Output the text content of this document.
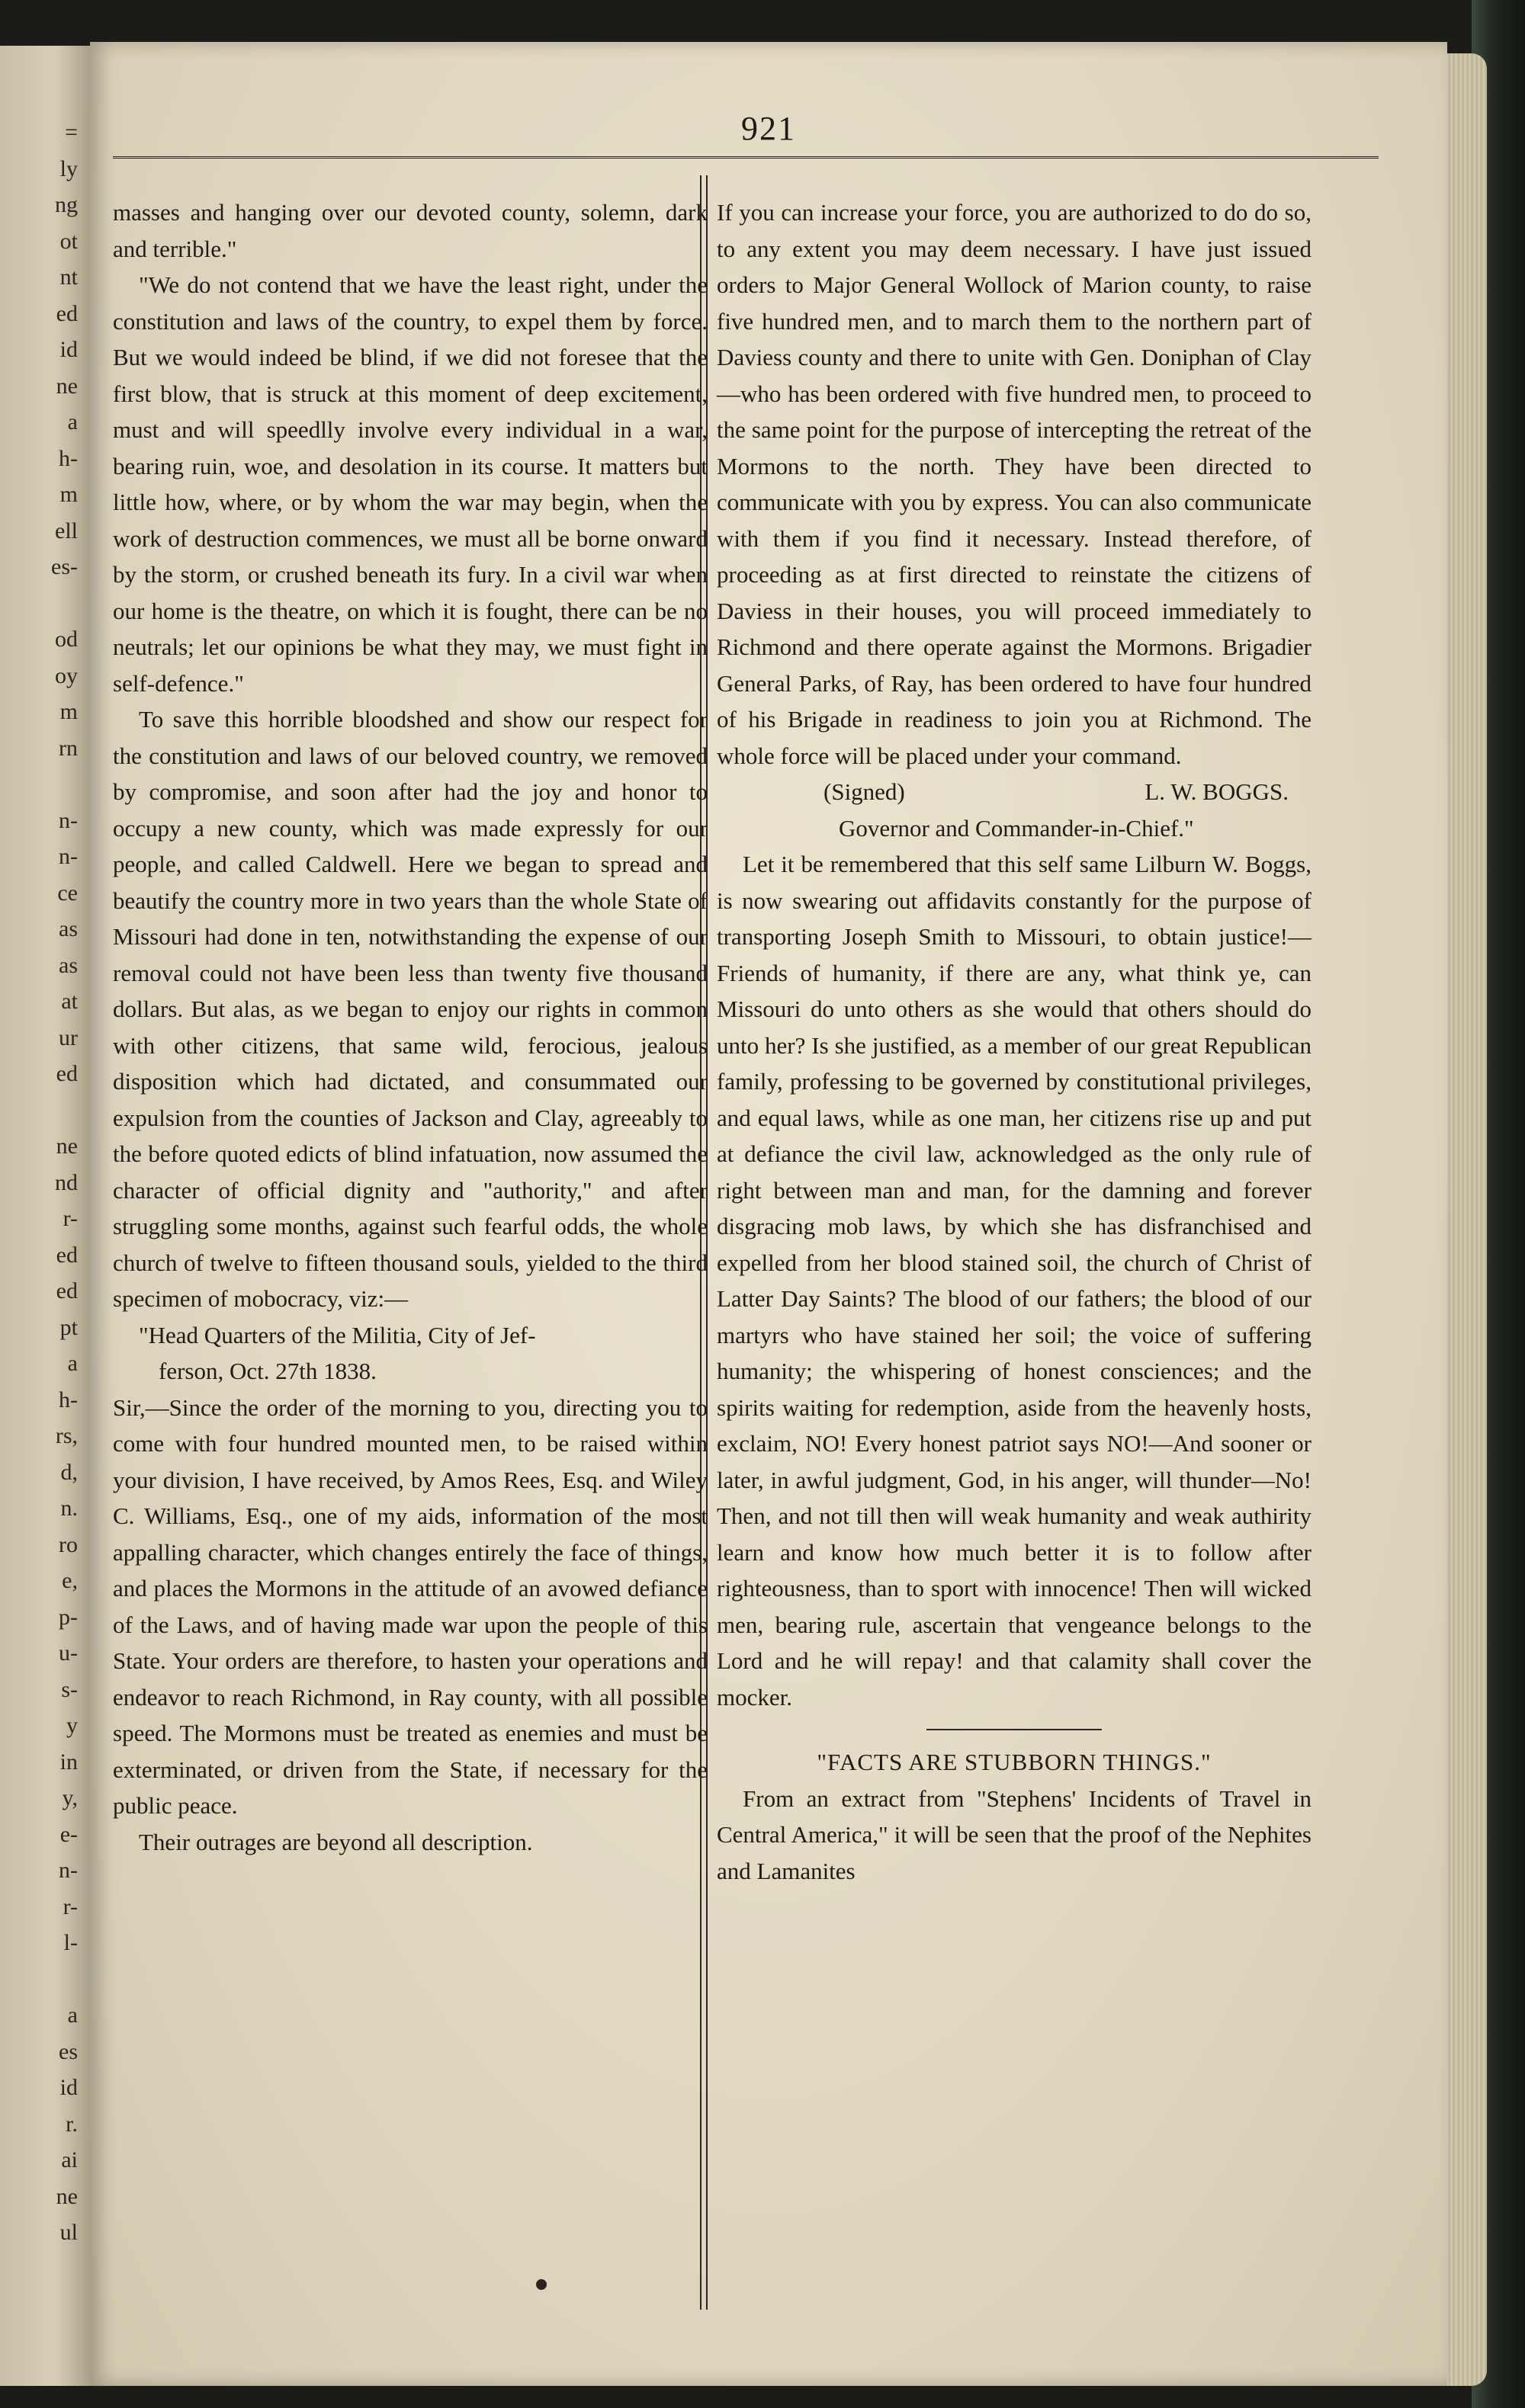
=
ly
ng
ot
nt
ed
id
ne
a
h-
m
ell
es-
od
oy
m
rn
n-
n-
ce
as
as
at
ur
ed
ne
nd
r-
ed
ed
pt
a
h-
rs,
d,
n.
ro
e,
p-
u-
s-
y
in
y,
e-
n-
r-
l-
a
es
id
r.
ai
ne
ul
921

masses and hanging over our devoted county, solemn, dark and terrible."

"We do not contend that we have the least right, under the constitution and laws of the country, to expel them by force. But we would indeed be blind, if we did not foresee that the first blow, that is struck at this moment of deep excitement, must and will speedlly involve every individual in a war, bearing ruin, woe, and desolation in its course. It matters but little how, where, or by whom the war may begin, when the work of destruction commences, we must all be borne onward by the storm, or crushed beneath its fury. In a civil war when our home is the theatre, on which it is fought, there can be no neutrals; let our opinions be what they may, we must fight in self-defence."

To save this horrible bloodshed and show our respect for the constitution and laws of our beloved country, we removed by compromise, and soon after had the joy and honor to occupy a new county, which was made expressly for our people, and called Caldwell. Here we began to spread and beautify the country more in two years than the whole State of Missouri had done in ten, notwithstanding the expense of our removal could not have been less than twenty five thousand dollars. But alas, as we began to enjoy our rights in common with other citizens, that same wild, ferocious, jealous disposition which had dictated, and consummated our expulsion from the counties of Jackson and Clay, agreeably to the before quoted edicts of blind infatuation, now assumed the character of official dignity and "authority," and after struggling some months, against such fearful odds, the whole church of twelve to fifteen thousand souls, yielded to the third specimen of mobocracy, viz:—

"Head Quarters of the Militia, City of Jef-

ferson, Oct. 27th 1838.

Sir,—Since the order of the morning to you, directing you to come with four hundred mounted men, to be raised within your division, I have received, by Amos Rees, Esq. and Wiley C. Williams, Esq., one of my aids, information of the most appalling character, which changes entirely the face of things, and places the Mormons in the attitude of an avowed defiance of the Laws, and of having made war upon the people of this State. Your orders are therefore, to hasten your operations and endeavor to reach Richmond, in Ray county, with all possible speed. The Mormons must be treated as enemies and must be exterminated, or driven from the State, if necessary for the public peace.

Their outrages are beyond all description.

If you can increase your force, you are authorized to do do so, to any extent you may deem necessary. I have just issued orders to Major General Wollock of Marion county, to raise five hundred men, and to march them to the northern part of Daviess county and there to unite with Gen. Doniphan of Clay—who has been ordered with five hundred men, to proceed to the same point for the purpose of intercepting the retreat of the Mormons to the north. They have been directed to communicate with you by express. You can also communicate with them if you find it necessary. Instead therefore, of proceeding as at first directed to reinstate the citizens of Daviess in their houses, you will proceed immediately to Richmond and there operate against the Mormons. Brigadier General Parks, of Ray, has been ordered to have four hundred of his Brigade in readiness to join you at Richmond. The whole force will be placed under your command.

(Signed)	L. W. BOGGS.

Governor and Commander-in-Chief."

Let it be remembered that this self same Lilburn W. Boggs, is now swearing out affidavits constantly for the purpose of transporting Joseph Smith to Missouri, to obtain justice!—Friends of humanity, if there are any, what think ye, can Missouri do unto others as she would that others should do unto her? Is she justified, as a member of our great Republican family, professing to be governed by constitutional privileges, and equal laws, while as one man, her citizens rise up and put at defiance the civil law, acknowledged as the only rule of right between man and man, for the damning and forever disgracing mob laws, by which she has disfranchised and expelled from her blood stained soil, the church of Christ of Latter Day Saints? The blood of our fathers; the blood of our martyrs who have stained her soil; the voice of suffering humanity; the whispering of honest consciences; and the spirits waiting for redemption, aside from the heavenly hosts, exclaim, NO! Every honest patriot says NO!—And sooner or later, in awful judgment, God, in his anger, will thunder—No! Then, and not till then will weak humanity and weak authirity learn and know how much better it is to follow after righteousness, than to sport with innocence! Then will wicked men, bearing rule, ascertain that vengeance belongs to the Lord and he will repay! and that calamity shall cover the mocker.

"FACTS ARE STUBBORN THINGS."

From an extract from "Stephens' Incidents of Travel in Central America," it will be seen that the proof of the Nephites and Lamanites
